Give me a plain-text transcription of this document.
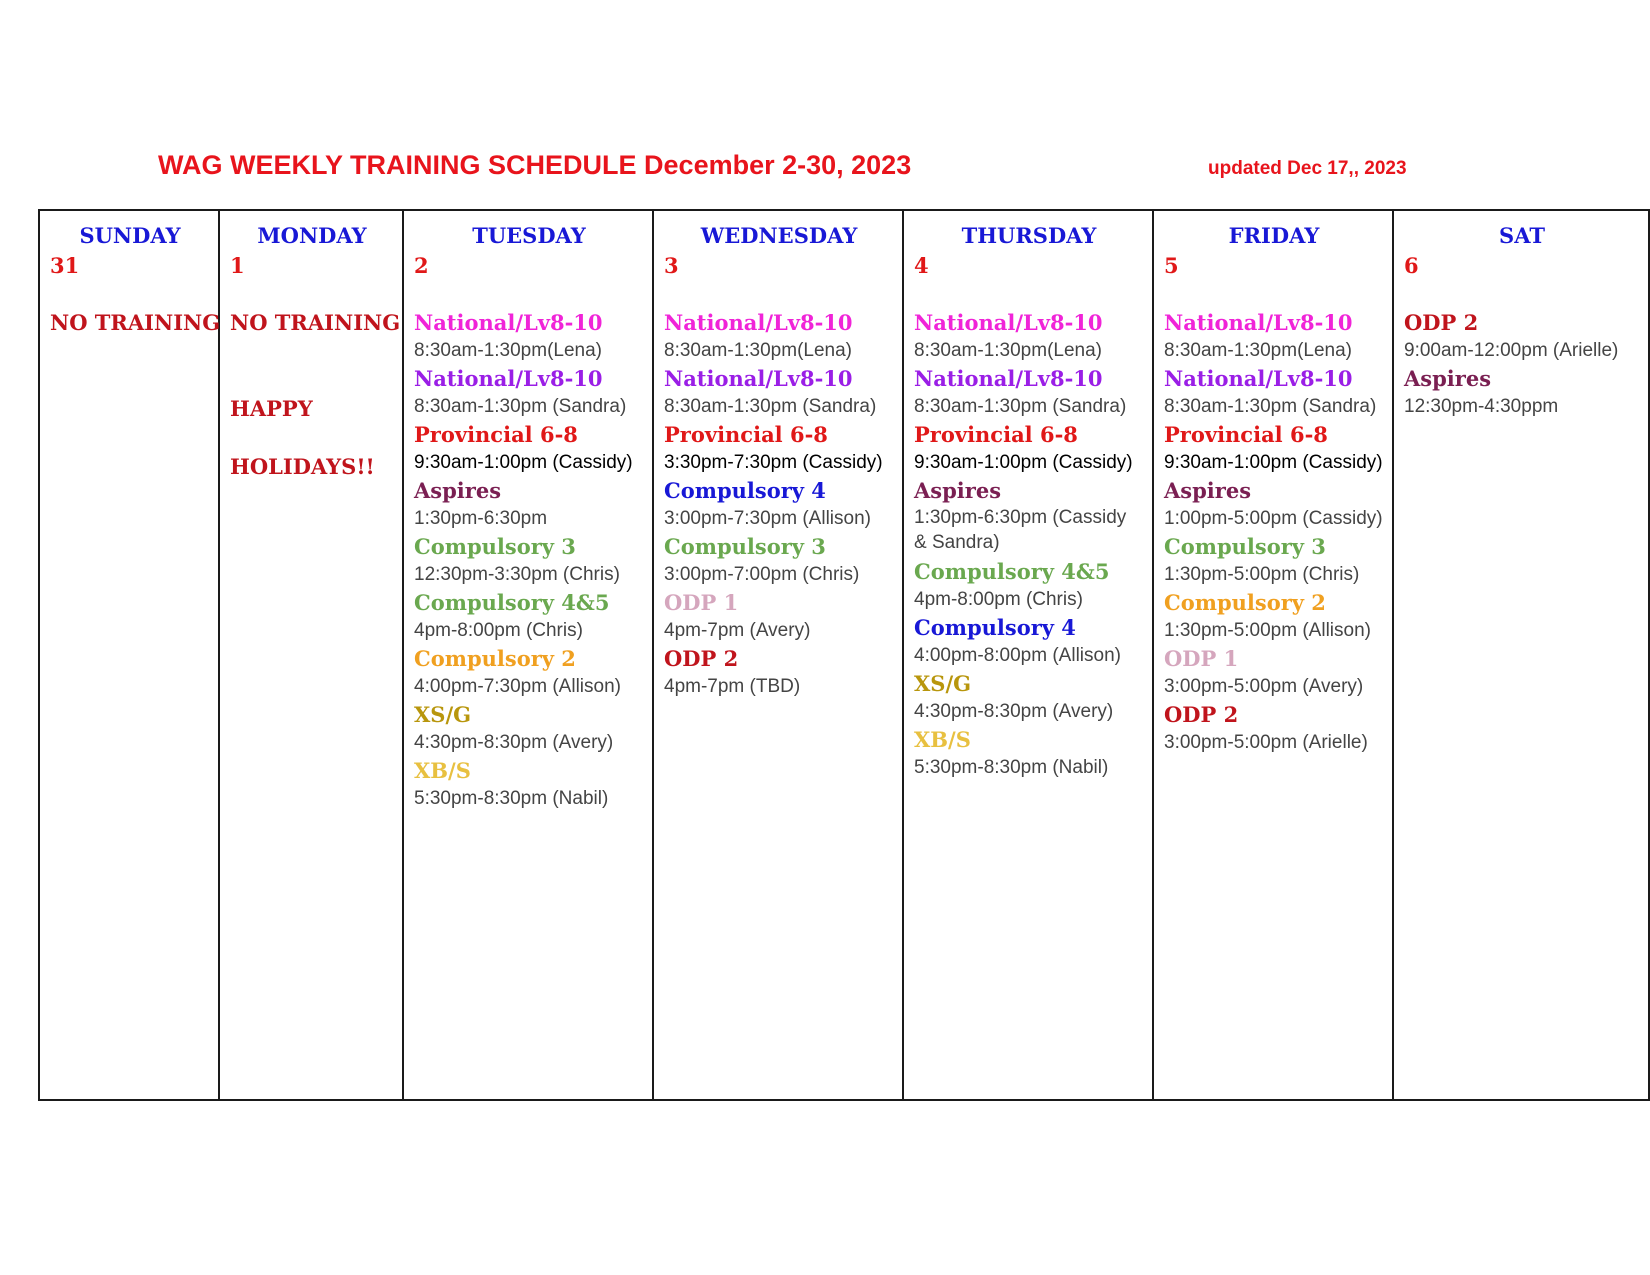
WAG WEEKLY TRAINING SCHEDULE December 2-30, 2023	updated Dec 17,, 2023
SUNDAY
31
NO TRAINING

MONDAY
1
NO TRAINING
HAPPY
HOLIDAYS!!

TUESDAY
2
National/Lv8-10
8:30am-1:30pm(Lena)
National/Lv8-10
8:30am-1:30pm (Sandra)
Provincial 6-8
9:30am-1:00pm (Cassidy)
Aspires
1:30pm-6:30pm
Compulsory 3
12:30pm-3:30pm (Chris)
Compulsory 4&5
4pm-8:00pm (Chris)
Compulsory 2
4:00pm-7:30pm (Allison)
XS/G
4:30pm-8:30pm (Avery)
XB/S
5:30pm-8:30pm (Nabil)

WEDNESDAY
3
National/Lv8-10
8:30am-1:30pm(Lena)
National/Lv8-10
8:30am-1:30pm (Sandra)
Provincial 6-8
3:30pm-7:30pm (Cassidy)
Compulsory 4
3:00pm-7:30pm (Allison)
Compulsory 3
3:00pm-7:00pm (Chris)
ODP 1
4pm-7pm (Avery)
ODP 2
4pm-7pm (TBD)

THURSDAY
4
National/Lv8-10
8:30am-1:30pm(Lena)
National/Lv8-10
8:30am-1:30pm (Sandra)
Provincial 6-8
9:30am-1:00pm (Cassidy)
Aspires
1:30pm-6:30pm (Cassidy & Sandra)
Compulsory 4&5
4pm-8:00pm (Chris)
Compulsory 4
4:00pm-8:00pm (Allison)
XS/G
4:30pm-8:30pm (Avery)
XB/S
5:30pm-8:30pm (Nabil)

FRIDAY
5
National/Lv8-10
8:30am-1:30pm(Lena)
National/Lv8-10
8:30am-1:30pm (Sandra)
Provincial 6-8
9:30am-1:00pm (Cassidy)
Aspires
1:00pm-5:00pm (Cassidy)
Compulsory 3
1:30pm-5:00pm (Chris)
Compulsory 2
1:30pm-5:00pm (Allison)
ODP 1
3:00pm-5:00pm (Avery)
ODP 2
3:00pm-5:00pm (Arielle)

SAT
6
ODP 2
9:00am-12:00pm (Arielle)
Aspires
12:30pm-4:30ppm
